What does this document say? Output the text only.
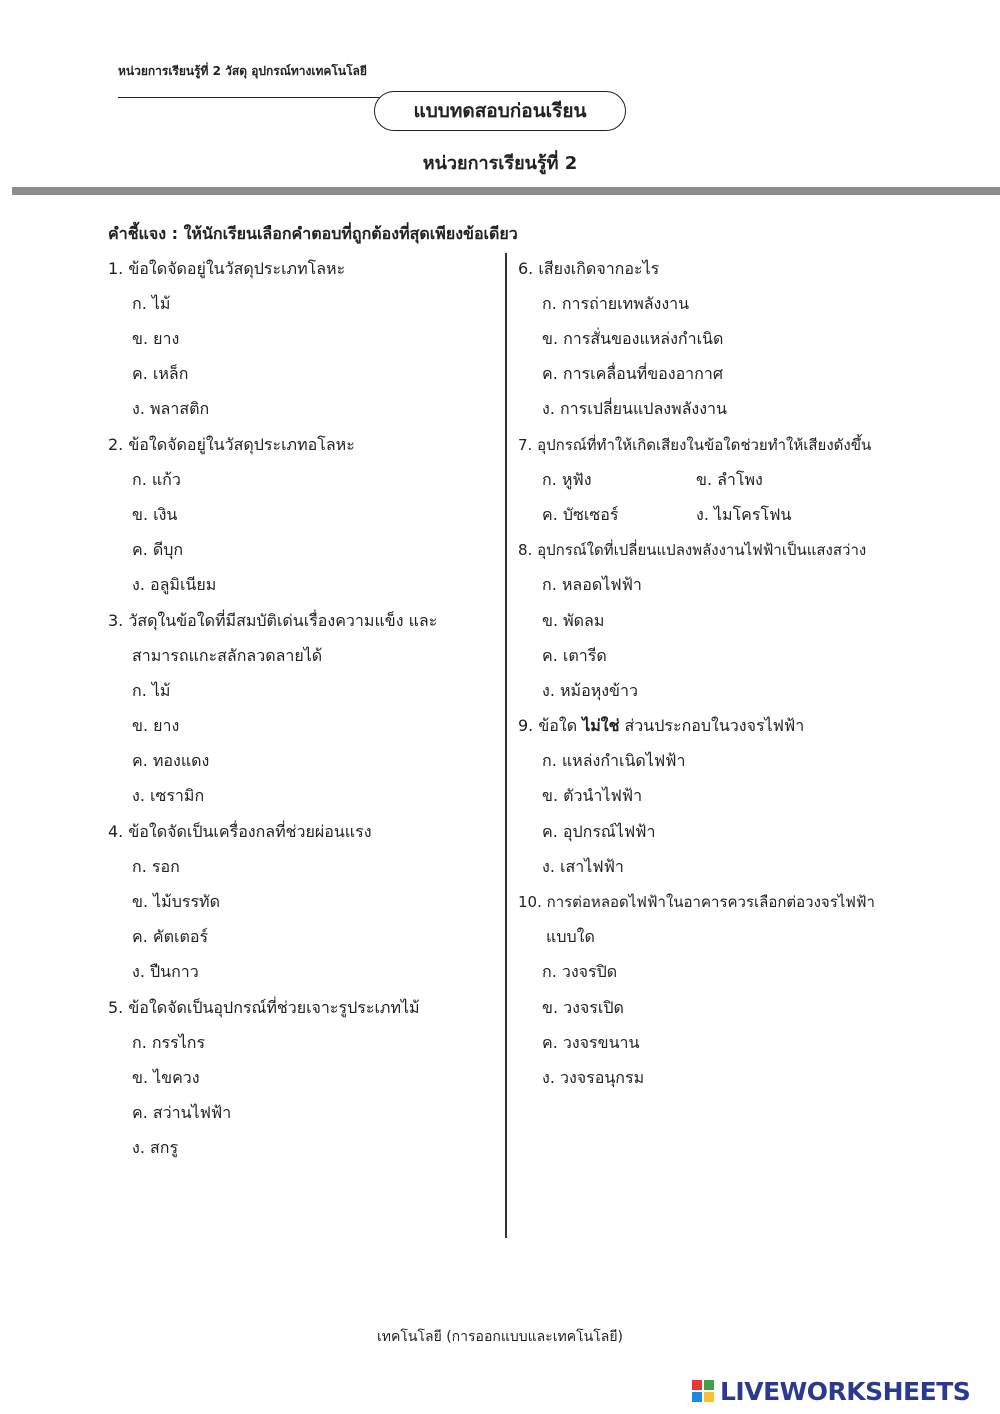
หน่วยการเรียนรู้ที่ 2 วัสดุ อุปกรณ์ทางเทคโนโลยี
แบบทดสอบก่อนเรียน
หน่วยการเรียนรู้ที่ 2
คำชี้แจง : ให้นักเรียนเลือกคำตอบที่ถูกต้องที่สุดเพียงข้อเดียว
1. ข้อใดจัดอยู่ในวัสดุประเภทโลหะ
ก. ไม้
ข. ยาง
ค. เหล็ก
ง. พลาสติก
2. ข้อใดจัดอยู่ในวัสดุประเภทอโลหะ
ก. แก้ว
ข. เงิน
ค. ดีบุก
ง. อลูมิเนียม
3. วัสดุในข้อใดที่มีสมบัติเด่นเรื่องความแข็ง และ
สามารถแกะสลักลวดลายได้
ก. ไม้
ข. ยาง
ค. ทองแดง
ง. เซรามิก
4. ข้อใดจัดเป็นเครื่องกลที่ช่วยผ่อนแรง
ก. รอก
ข. ไม้บรรทัด
ค. คัตเตอร์
ง. ปืนกาว
5. ข้อใดจัดเป็นอุปกรณ์ที่ช่วยเจาะรูประเภทไม้
ก. กรรไกร
ข. ไขควง
ค. สว่านไฟฟ้า
ง. สกรู
6. เสียงเกิดจากอะไร
ก. การถ่ายเทพลังงาน
ข. การสั่นของแหล่งกำเนิด
ค. การเคลื่อนที่ของอากาศ
ง. การเปลี่ยนแปลงพลังงาน
7. อุปกรณ์ที่ทำให้เกิดเสียงในข้อใดช่วยทำให้เสียงดังขึ้น
ก. หูฟัง	ข. ลำโพง
ค. บัซเซอร์	ง. ไมโครโฟน
8. อุปกรณ์ใดที่เปลี่ยนแปลงพลังงานไฟฟ้าเป็นแสงสว่าง
ก. หลอดไฟฟ้า
ข. พัดลม
ค. เตารีด
ง. หม้อหุงข้าว
9. ข้อใด ไม่ใช่ ส่วนประกอบในวงจรไฟฟ้า
ก. แหล่งกำเนิดไฟฟ้า
ข. ตัวนำไฟฟ้า
ค. อุปกรณ์ไฟฟ้า
ง. เสาไฟฟ้า
10. การต่อหลอดไฟฟ้าในอาคารควรเลือกต่อวงจรไฟฟ้า
แบบใด
ก. วงจรปิด
ข. วงจรเปิด
ค. วงจรขนาน
ง. วงจรอนุกรม
เทคโนโลยี (การออกแบบและเทคโนโลยี)
LIVEWORKSHEETS
